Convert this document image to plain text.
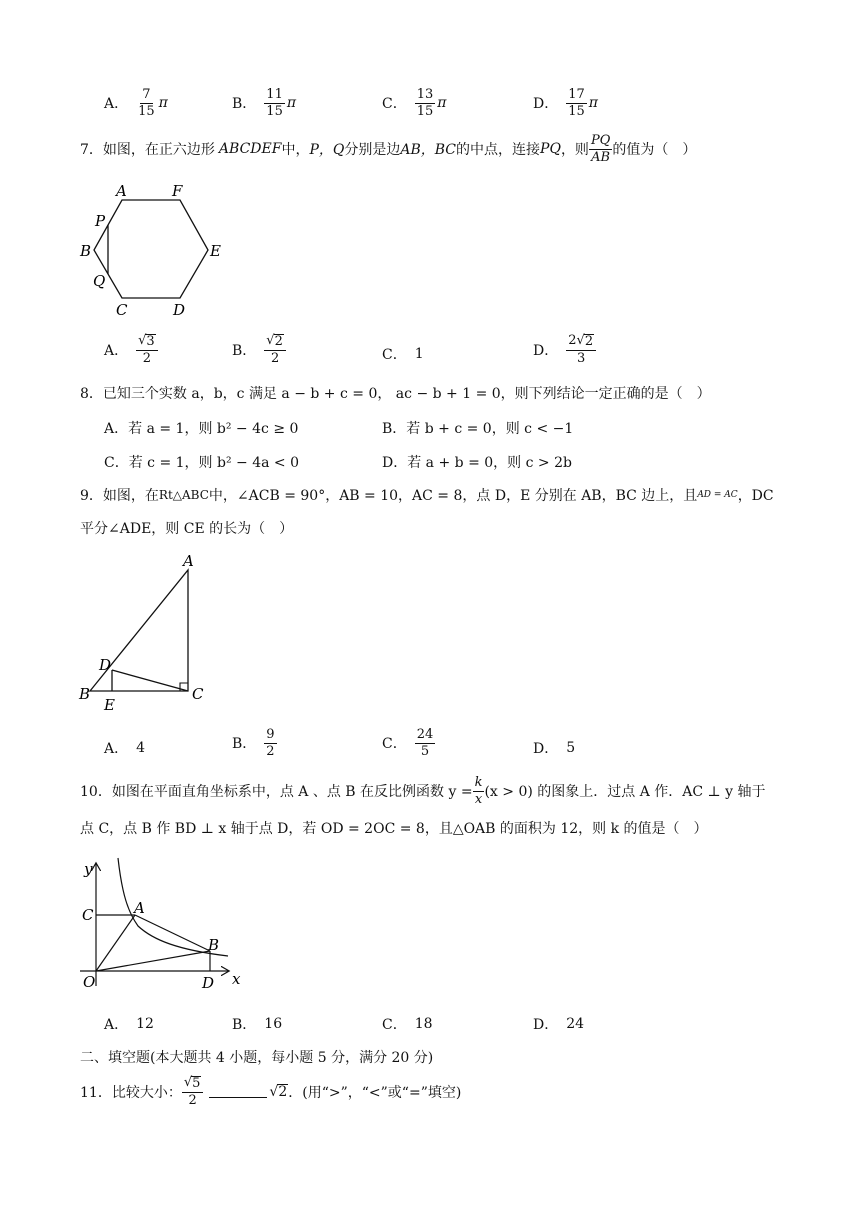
A． $\frac{7}{15}$ π	B． $\frac{11}{15}$ π	C． $\frac{13}{15}$ π	D． $\frac{17}{15}$ π
7．如图，在正六边形 ABCDEF 中， P，Q 分别是边 AB，BC 的中点，连接 PQ ，则 $\frac{PQ}{AB}$ 的值为（　）
A	F
P
B	E
Q
C	D
A． $\frac{√ 3}{2}$	B． $\frac{√ 2}{2}$	C． 1	D． $\frac{2√ 2}{3}$
8．已知三个实数 a，b，c 满足 a − b + c = 0， ac − b + 1 = 0，则下列结论一定正确的是（　）
A．若 a = 1，则 b² − 4c ≥ 0	B．若 b + c = 0，则 c < −1
C．若 c = 1，则 b² − 4a < 0	D．若 a + b = 0，则 c > 2b
9．如图，在 Rt△ABC 中，∠ACB = 90°，AB = 10，AC = 8，点 D，E 分别在 AB，BC 边上，且 AD = AC ，DC
平分∠ADE，则 CE 的长为（　）
A
D
B	C
E
A． 4	B． $\frac{9}{2}$	C． $\frac{24}{5}$	D． 5
10．如图在平面直角坐标系中，点 A 、点 B 在反比例函数 $y = \frac{k}{x} (x > 0)$ 的图象上．过点 A 作．AC ⊥ y 轴于
点 C，点 B 作 BD ⊥ x 轴于点 D，若 OD = 2OC = 8，且△OAB 的面积为 12，则 k 的值是（　）
y
C	A
B
O	D x
A． 12	B． 16	C． 18	D． 24
二、填空题(本大题共 4 小题，每小题 5 分，满分 20 分)
11．比较大小： $\frac{√ 5}{2}$	√ 2 ．(用“>”，“<”或“=”填空)
